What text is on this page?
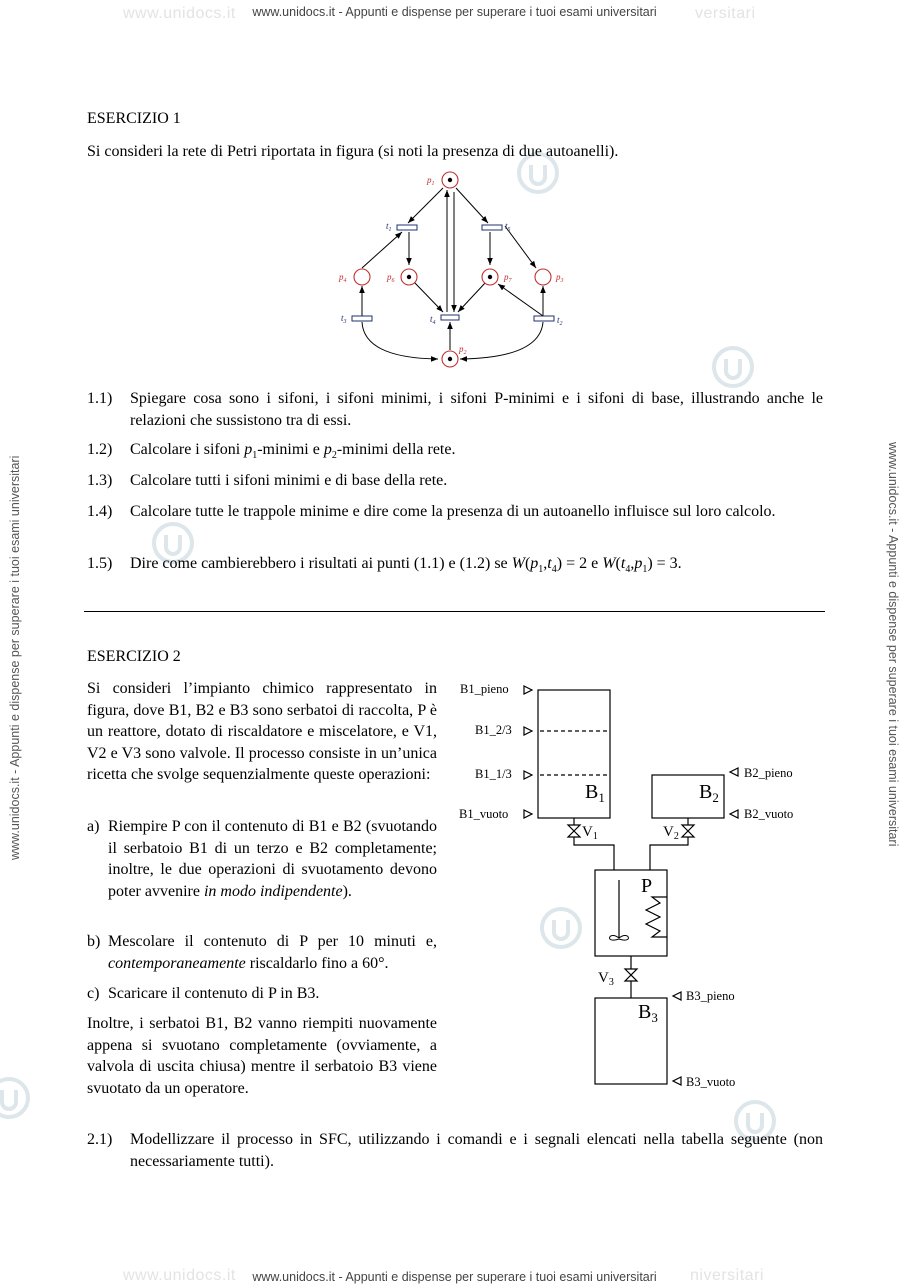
www.unidocs.it	versitari
www.unidocs.it - Appunti e dispense per superare i tuoi esami universitari
www.unidocs.it	niversitari
www.unidocs.it - Appunti e dispense per superare i tuoi esami universitari
www.unidocs.it - Appunti e dispense per superare i tuoi esami universitari	www.unidocs.it - Appunti e dispense per superare i tuoi esami universitari
ESERCIZIO 1
Si consideri la rete di Petri riportata in figura (si noti la presenza di due autoanelli).
$p_1$
$p_4$	$p_6$	$p_7$	$p_3$
$p_2$
$t_1$	$t_5$
$t_3$	$t_4$	$t_2$
1.1) Spiegare cosa sono i sifoni, i sifoni minimi, i sifoni P-minimi e i sifoni di base, illustrando anche le relazioni che sussistono tra di essi.
1.2) Calcolare i sifoni $p_1$-minimi e $p_2$-minimi della rete.
1.3) Calcolare tutti i sifoni minimi e di base della rete.
1.4) Calcolare tutte le trappole minime e dire come la presenza di un autoanello influisce sul loro calcolo.
1.5) Dire come cambierebbero i risultati ai punti (1.1) e (1.2) se $W(p_1,t_4) = 2$ e $W(t_4,p_1) = 3$.
ESERCIZIO 2
Si consideri l’impianto chimico rappresentato in figura, dove B1, B2 e B3 sono serbatoi di raccolta, P è un reattore, dotato di riscaldatore e miscelatore, e V1, V2 e V3 sono valvole. Il processo consiste in un’unica ricetta che svolge sequenzialmente queste operazioni:
a) Riempire P con il contenuto di B1 e B2 (svuotando il serbatoio B1 di un terzo e B2 completamente; inoltre, le due operazioni di svuotamento devono poter avvenire in modo indipendente).
b) Mescolare il contenuto di P per 10 minuti e, contemporaneamente riscaldarlo fino a 60°.
c) Scaricare il contenuto di P in B3.
Inoltre, i serbatoi B1, B2 vanno riempiti nuovamente appena si svuotano completamente (ovviamente, a valvola di uscita chiusa) mentre il serbatoio B3 viene svuotato da un operatore.
2.1) Modellizzare il processo in SFC, utilizzando i comandi e i segnali elencati nella tabella seguente (non necessariamente tutti).
B1_pieno
B1_2/3
B1_1/3
B1_vuoto
B2_pieno
B2_vuoto
B3_pieno
B3_vuoto
$B_1$	$B_2$
P
$B_3$
$V_1$	$V_2$
$V_3$
